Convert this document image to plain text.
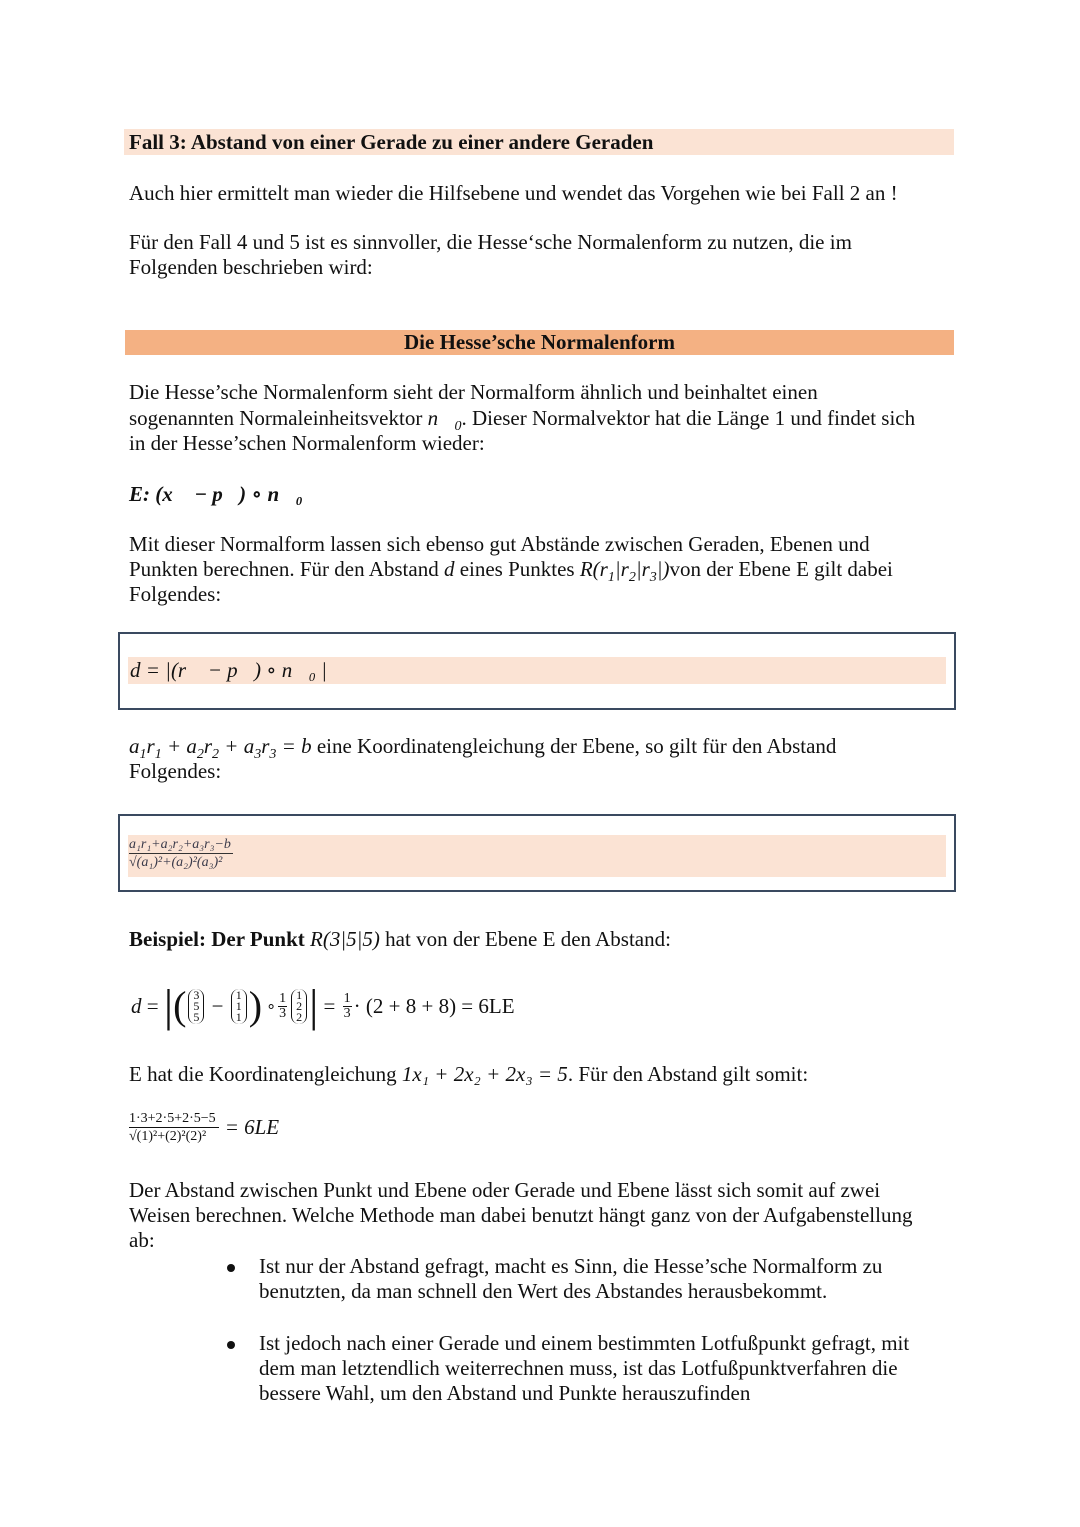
Fall 3: Abstand von einer Gerade zu einer andere Geraden
Auch hier ermittelt man wieder die Hilfsebene und wendet das Vorgehen wie bei Fall 2 an !
Für den Fall 4 und 5 ist es sinnvoller, die Hesse‘sche Normalenform zu nutzen, die im
Folgenden beschrieben wird:
Die Hesse’sche Normalenform
Die Hesse’sche Normalenform sieht der Normalform ähnlich und beinhaltet einen
sogenannten Normaleinheitsvektor $n⃗_0$. Dieser Normalvektor hat die Länge 1 und findet sich
in der Hesse’schen Normalenform wieder:
E: (x⃗ − p⃗) ∘ n⃗₀
Mit dieser Normalform lassen sich ebenso gut Abstände zwischen Geraden, Ebenen und
Punkten berechnen. Für den Abstand d eines Punktes $R(r_1|r_2|r_3|)von$ der Ebene E gilt dabei
Folgendes:
d = |(r⃗ − p⃗) ∘ n⃗₀ |
$a_1r_1 + a_2r_2 + a_3r_3 = b$ eine Koordinatengleichung der Ebene, so gilt für den Abstand
Folgendes:
$\frac{\text{a₁r₁+a₂r₂+a₃r₃−b}}{\text{√(a₁)²+(a₂)²(a₃)²}}$
Beispiel: Der Punkt R(3|5|5) hat von der Ebene E den Abstand:
d = | ( 3
5
5 − 1
1
1 ) ∘ $\frac{1}{3} 1$
2
2 | = $\frac{1}{3} \cdot (2 + 8 + 8) = 6LE$
E hat die Koordinatengleichung 1x₁ + 2x₂ + 2x₃ = 5. Für den Abstand gilt somit:
$\frac{1\cdot 3+2\cdot 5+2\cdot 5-5}{\text{√(1)²+(2)²(2)²}} = 6LE$
Der Abstand zwischen Punkt und Ebene oder Gerade und Ebene lässt sich somit auf zwei
Weisen berechnen. Welche Methode man dabei benutzt hängt ganz von der Aufgabenstellung
ab:
Ist nur der Abstand gefragt, macht es Sinn, die Hesse’sche Normalform zu
benutzten, da man schnell den Wert des Abstandes herausbekommt.
Ist jedoch nach einer Gerade und einem bestimmten Lotfußpunkt gefragt, mit
dem man letztendlich weiterrechnen muss, ist das Lotfußpunktverfahren die
bessere Wahl, um den Abstand und Punkte herauszufinden
